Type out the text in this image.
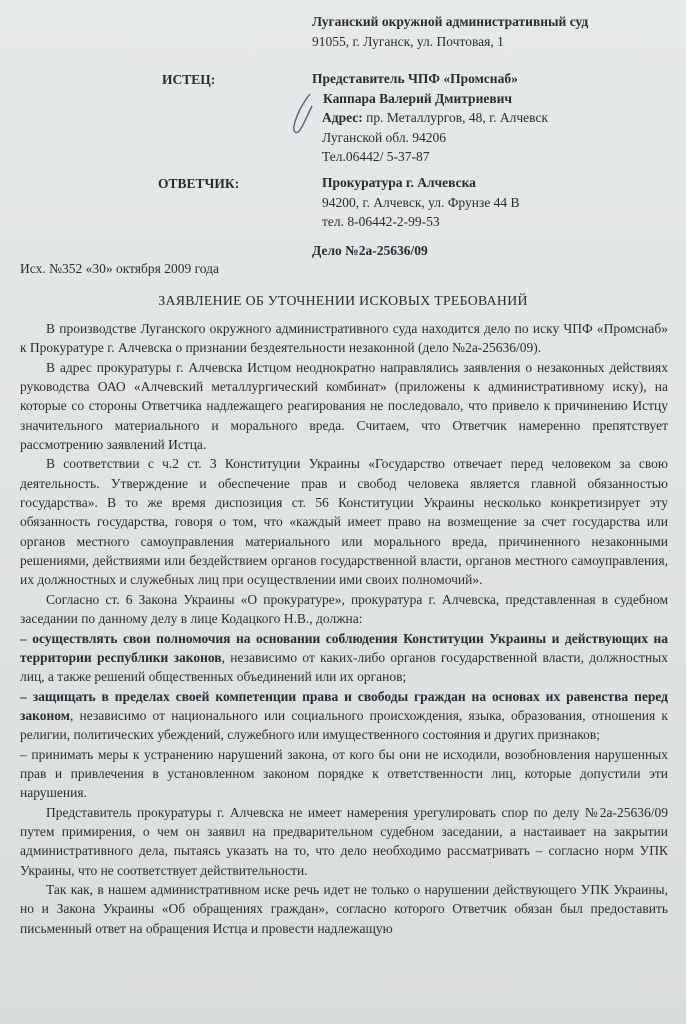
Луганский окружной административный суд
91055, г. Луганск, ул. Почтовая, 1
ИСТЕЦ:	Представитель ЧПФ «Промснаб»
Каппара Валерий Дмитриевич
Адрес: пр. Металлургов, 48, г. Алчевск
Луганской обл. 94206
Тел.06442/ 5-37-87
ОТВЕТЧИК:	Прокуратура г. Алчевска
94200, г. Алчевск, ул. Фрунзе 44 В
тел. 8-06442-2-99-53
Дело №2а-25636/09
Исх. №352 «30» октября 2009 года
ЗАЯВЛЕНИЕ ОБ УТОЧНЕНИИ ИСКОВЫХ ТРЕБОВАНИЙ

В производстве Луганского окружного административного суда находится дело по иску ЧПФ «Промснаб» к Прокуратуре г. Алчевска о признании бездеятельности незаконной (дело №2а-25636/09).

В адрес прокуратуры г. Алчевска Истцом неоднократно направлялись заявления о незаконных действиях руководства ОАО «Алчевский металлургический комбинат» (приложены к административному иску), на которые со стороны Ответчика надлежащего реагирования не последовало, что привело к причинению Истцу значительного материального и морального вреда. Считаем, что Ответчик намеренно препятствует рассмотрению заявлений Истца.

В соответствии с ч.2 ст. 3 Конституции Украины «Государство отвечает перед человеком за свою деятельность. Утверждение и обеспечение прав и свобод человека является главной обязанностью государства». В то же время диспозиция ст. 56 Конституции Украины несколько конкретизирует эту обязанность государства, говоря о том, что «каждый имеет право на возмещение за счет государства или органов местного самоуправления материального или морального вреда, причиненного незаконными решениями, действиями или бездействием органов государственной власти, органов местного самоуправления, их должностных и служебных лиц при осуществлении ими своих полномочий».

Согласно ст. 6 Закона Украины «О прокуратуре», прокуратура г. Алчевска, представленная в судебном заседании по данному делу в лице Кодацкого Н.В., должна:

– осуществлять свои полномочия на основании соблюдения Конституции Украины и действующих на территории республики законов, независимо от каких-либо органов государственной власти, должностных лиц, а также решений общественных объединений или их органов;

– защищать в пределах своей компетенции права и свободы граждан на основах их равенства перед законом, независимо от национального или социального происхождения, языка, образования, отношения к религии, политических убеждений, служебного или имущественного состояния и других признаков;

– принимать меры к устранению нарушений закона, от кого бы они не исходили, возобновления нарушенных прав и привлечения в установленном законом порядке к ответственности лиц, которые допустили эти нарушения.

Представитель прокуратуры г. Алчевска не имеет намерения урегулировать спор по делу №2а-25636/09 путем примирения, о чем он заявил на предварительном судебном заседании, а настаивает на закрытии административного дела, пытаясь указать на то, что дело необходимо рассматривать – согласно норм УПК Украины, что не соответствует действительности.

Так как, в нашем административном иске речь идет не только о нарушении действующего УПК Украины, но и Закона Украины «Об обращениях граждан», согласно которого Ответчик обязан был предоставить письменный ответ на обращения Истца и провести надлежащую
